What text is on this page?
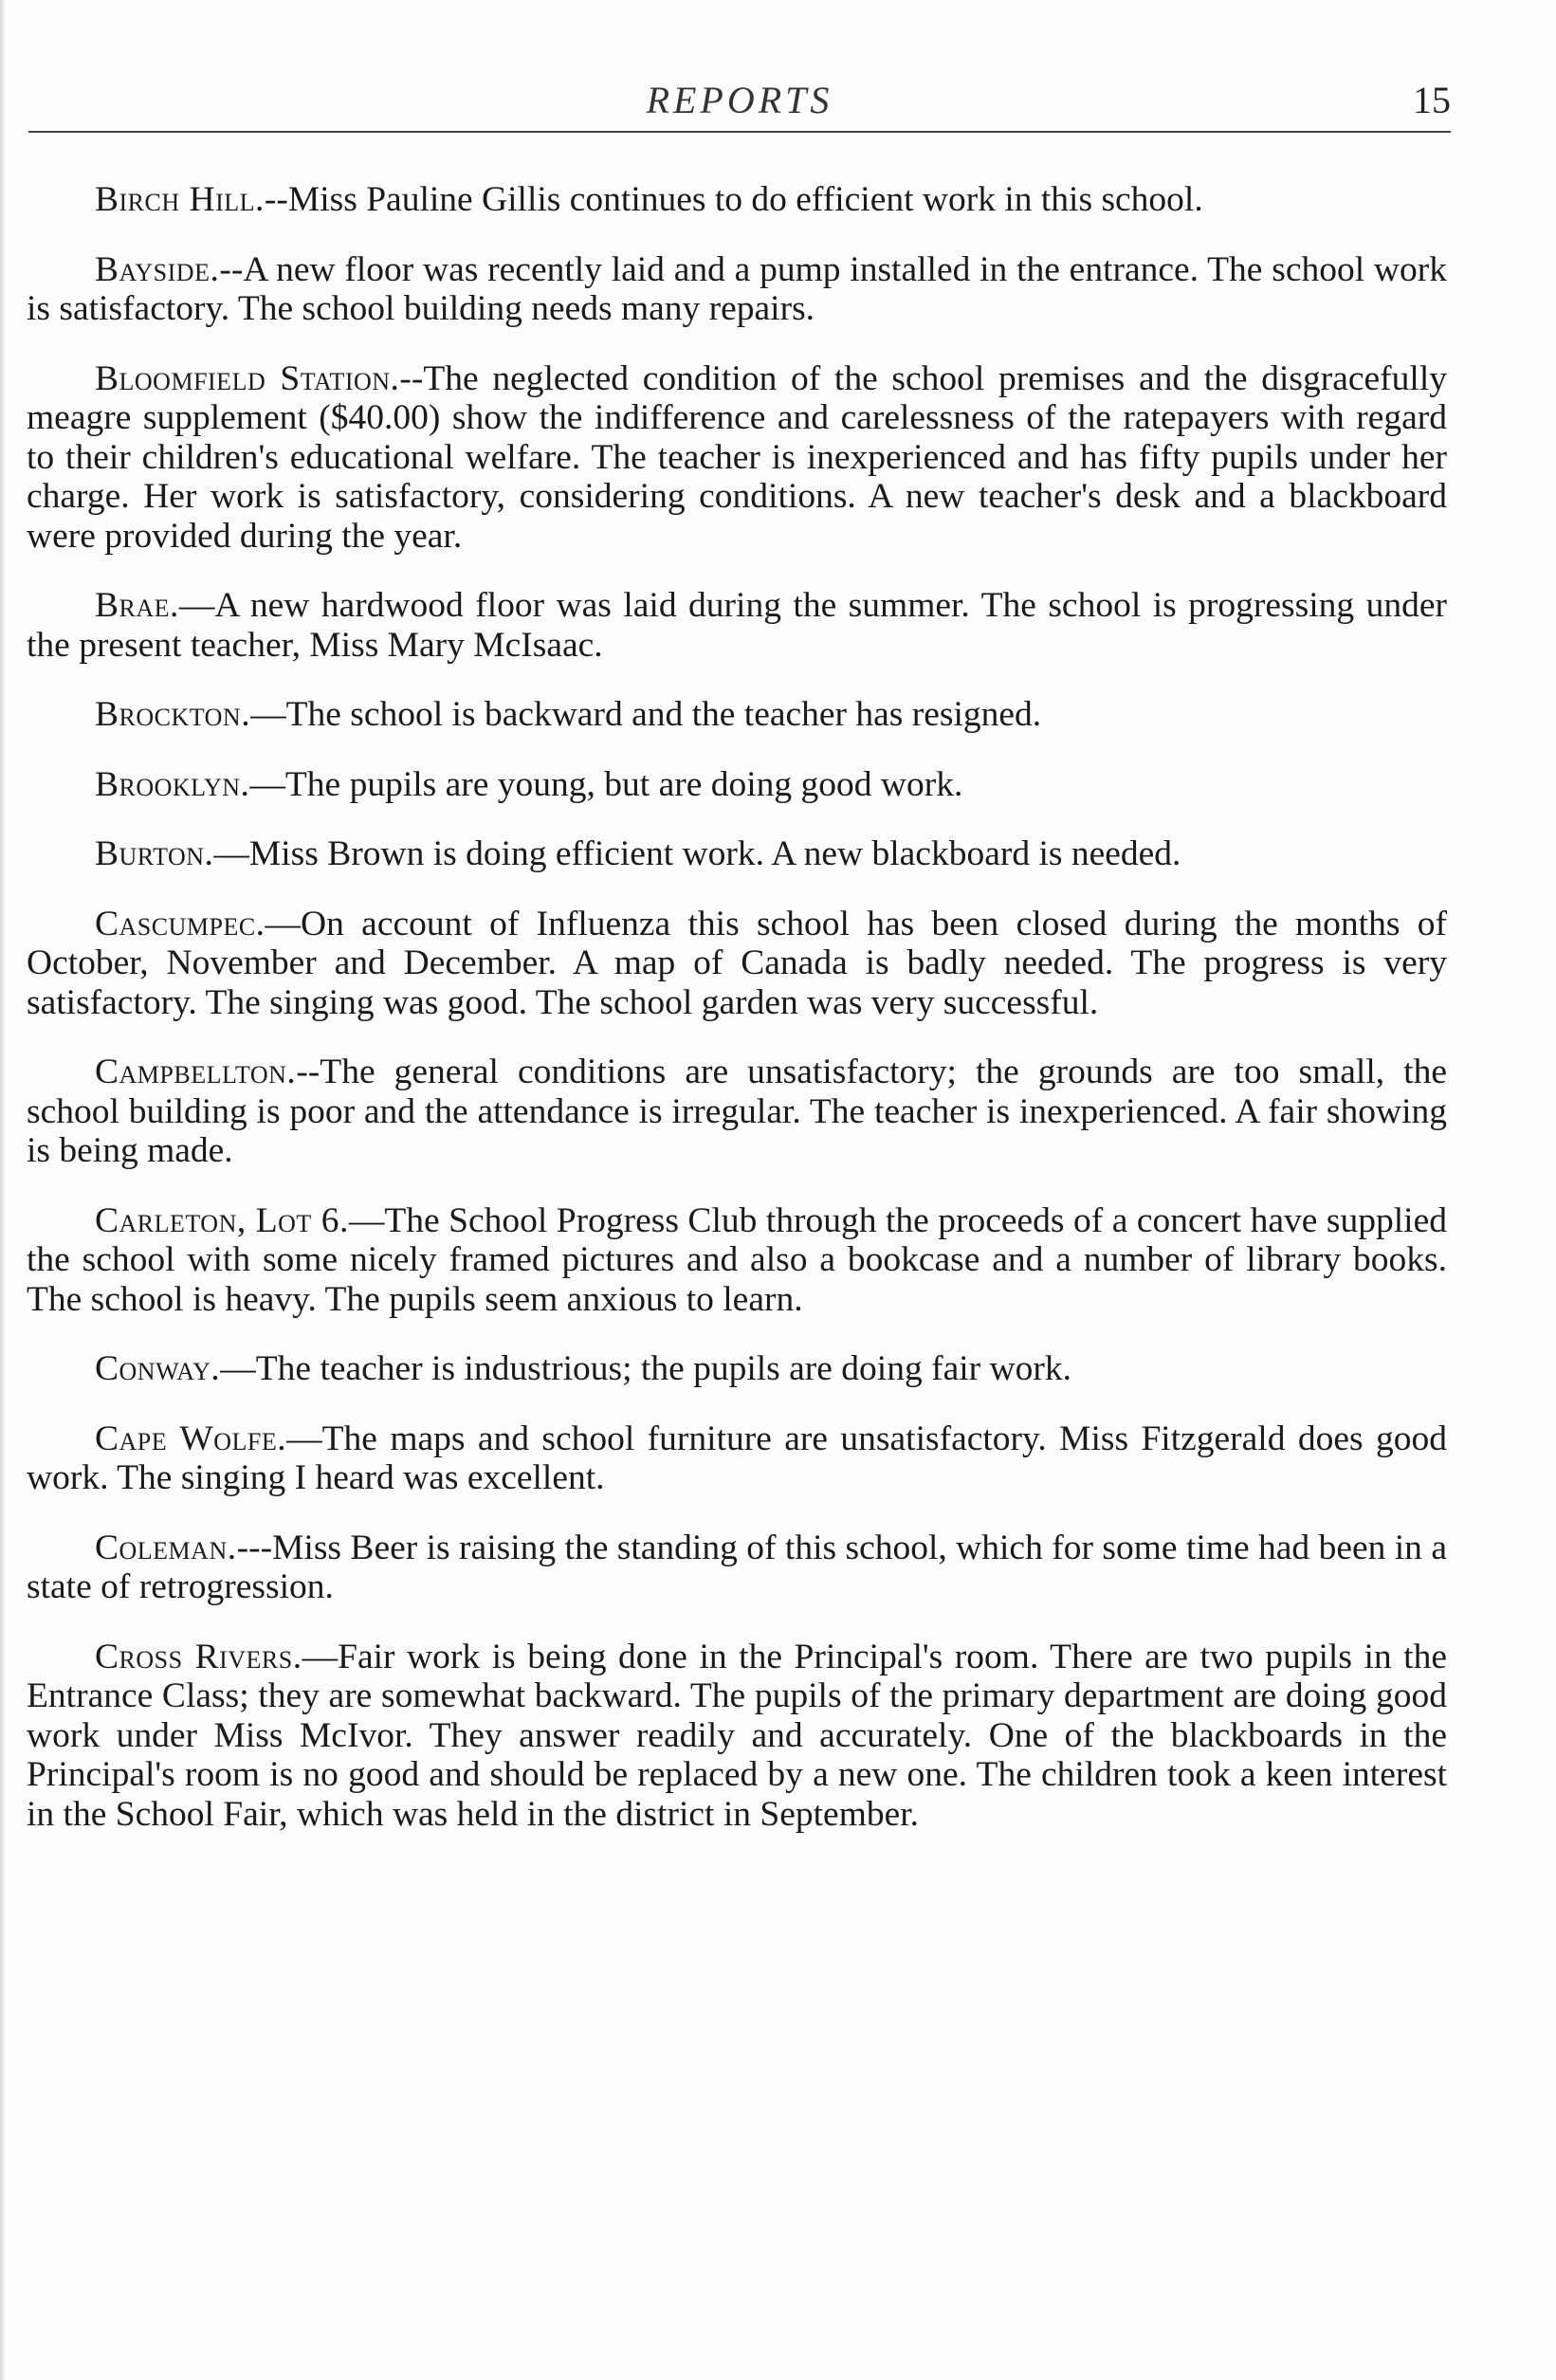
REPORTS	15

Birch Hill.--Miss Pauline Gillis continues to do efficient work in this school.

Bayside.--A new floor was recently laid and a pump installed in the entrance. The school work is satisfactory. The school building needs many repairs.

Bloomfield Station.--The neglected condition of the school premises and the disgracefully meagre supplement ($40.00) show the indifference and carelessness of the ratepayers with regard to their children's educational welfare. The teacher is inexperienced and has fifty pupils under her charge. Her work is satisfactory, considering conditions. A new teacher's desk and a blackboard were provided during the year.

Brae.—A new hardwood floor was laid during the summer. The school is progressing under the present teacher, Miss Mary McIsaac.

Brockton.—The school is backward and the teacher has resigned.

Brooklyn.—The pupils are young, but are doing good work.

Burton.—Miss Brown is doing efficient work. A new blackboard is needed.

Cascumpec.—On account of Influenza this school has been closed during the months of October, November and December. A map of Canada is badly needed. The progress is very satisfactory. The singing was good. The school garden was very successful.

Campbellton.--The general conditions are unsatisfactory; the grounds are too small, the school building is poor and the attendance is irregular. The teacher is inexperienced. A fair showing is being made.

Carleton, Lot 6.—The School Progress Club through the proceeds of a concert have supplied the school with some nicely framed pictures and also a bookcase and a number of library books. The school is heavy. The pupils seem anxious to learn.

Conway.—The teacher is industrious; the pupils are doing fair work.

Cape Wolfe.—The maps and school furniture are unsatisfactory. Miss Fitzgerald does good work. The singing I heard was excellent.

Coleman.---Miss Beer is raising the standing of this school, which for some time had been in a state of retrogression.

Cross Rivers.—Fair work is being done in the Principal's room. There are two pupils in the Entrance Class; they are somewhat backward. The pupils of the primary department are doing good work under Miss McIvor. They answer readily and accurately. One of the blackboards in the Principal's room is no good and should be replaced by a new one. The children took a keen interest in the School Fair, which was held in the district in September.
